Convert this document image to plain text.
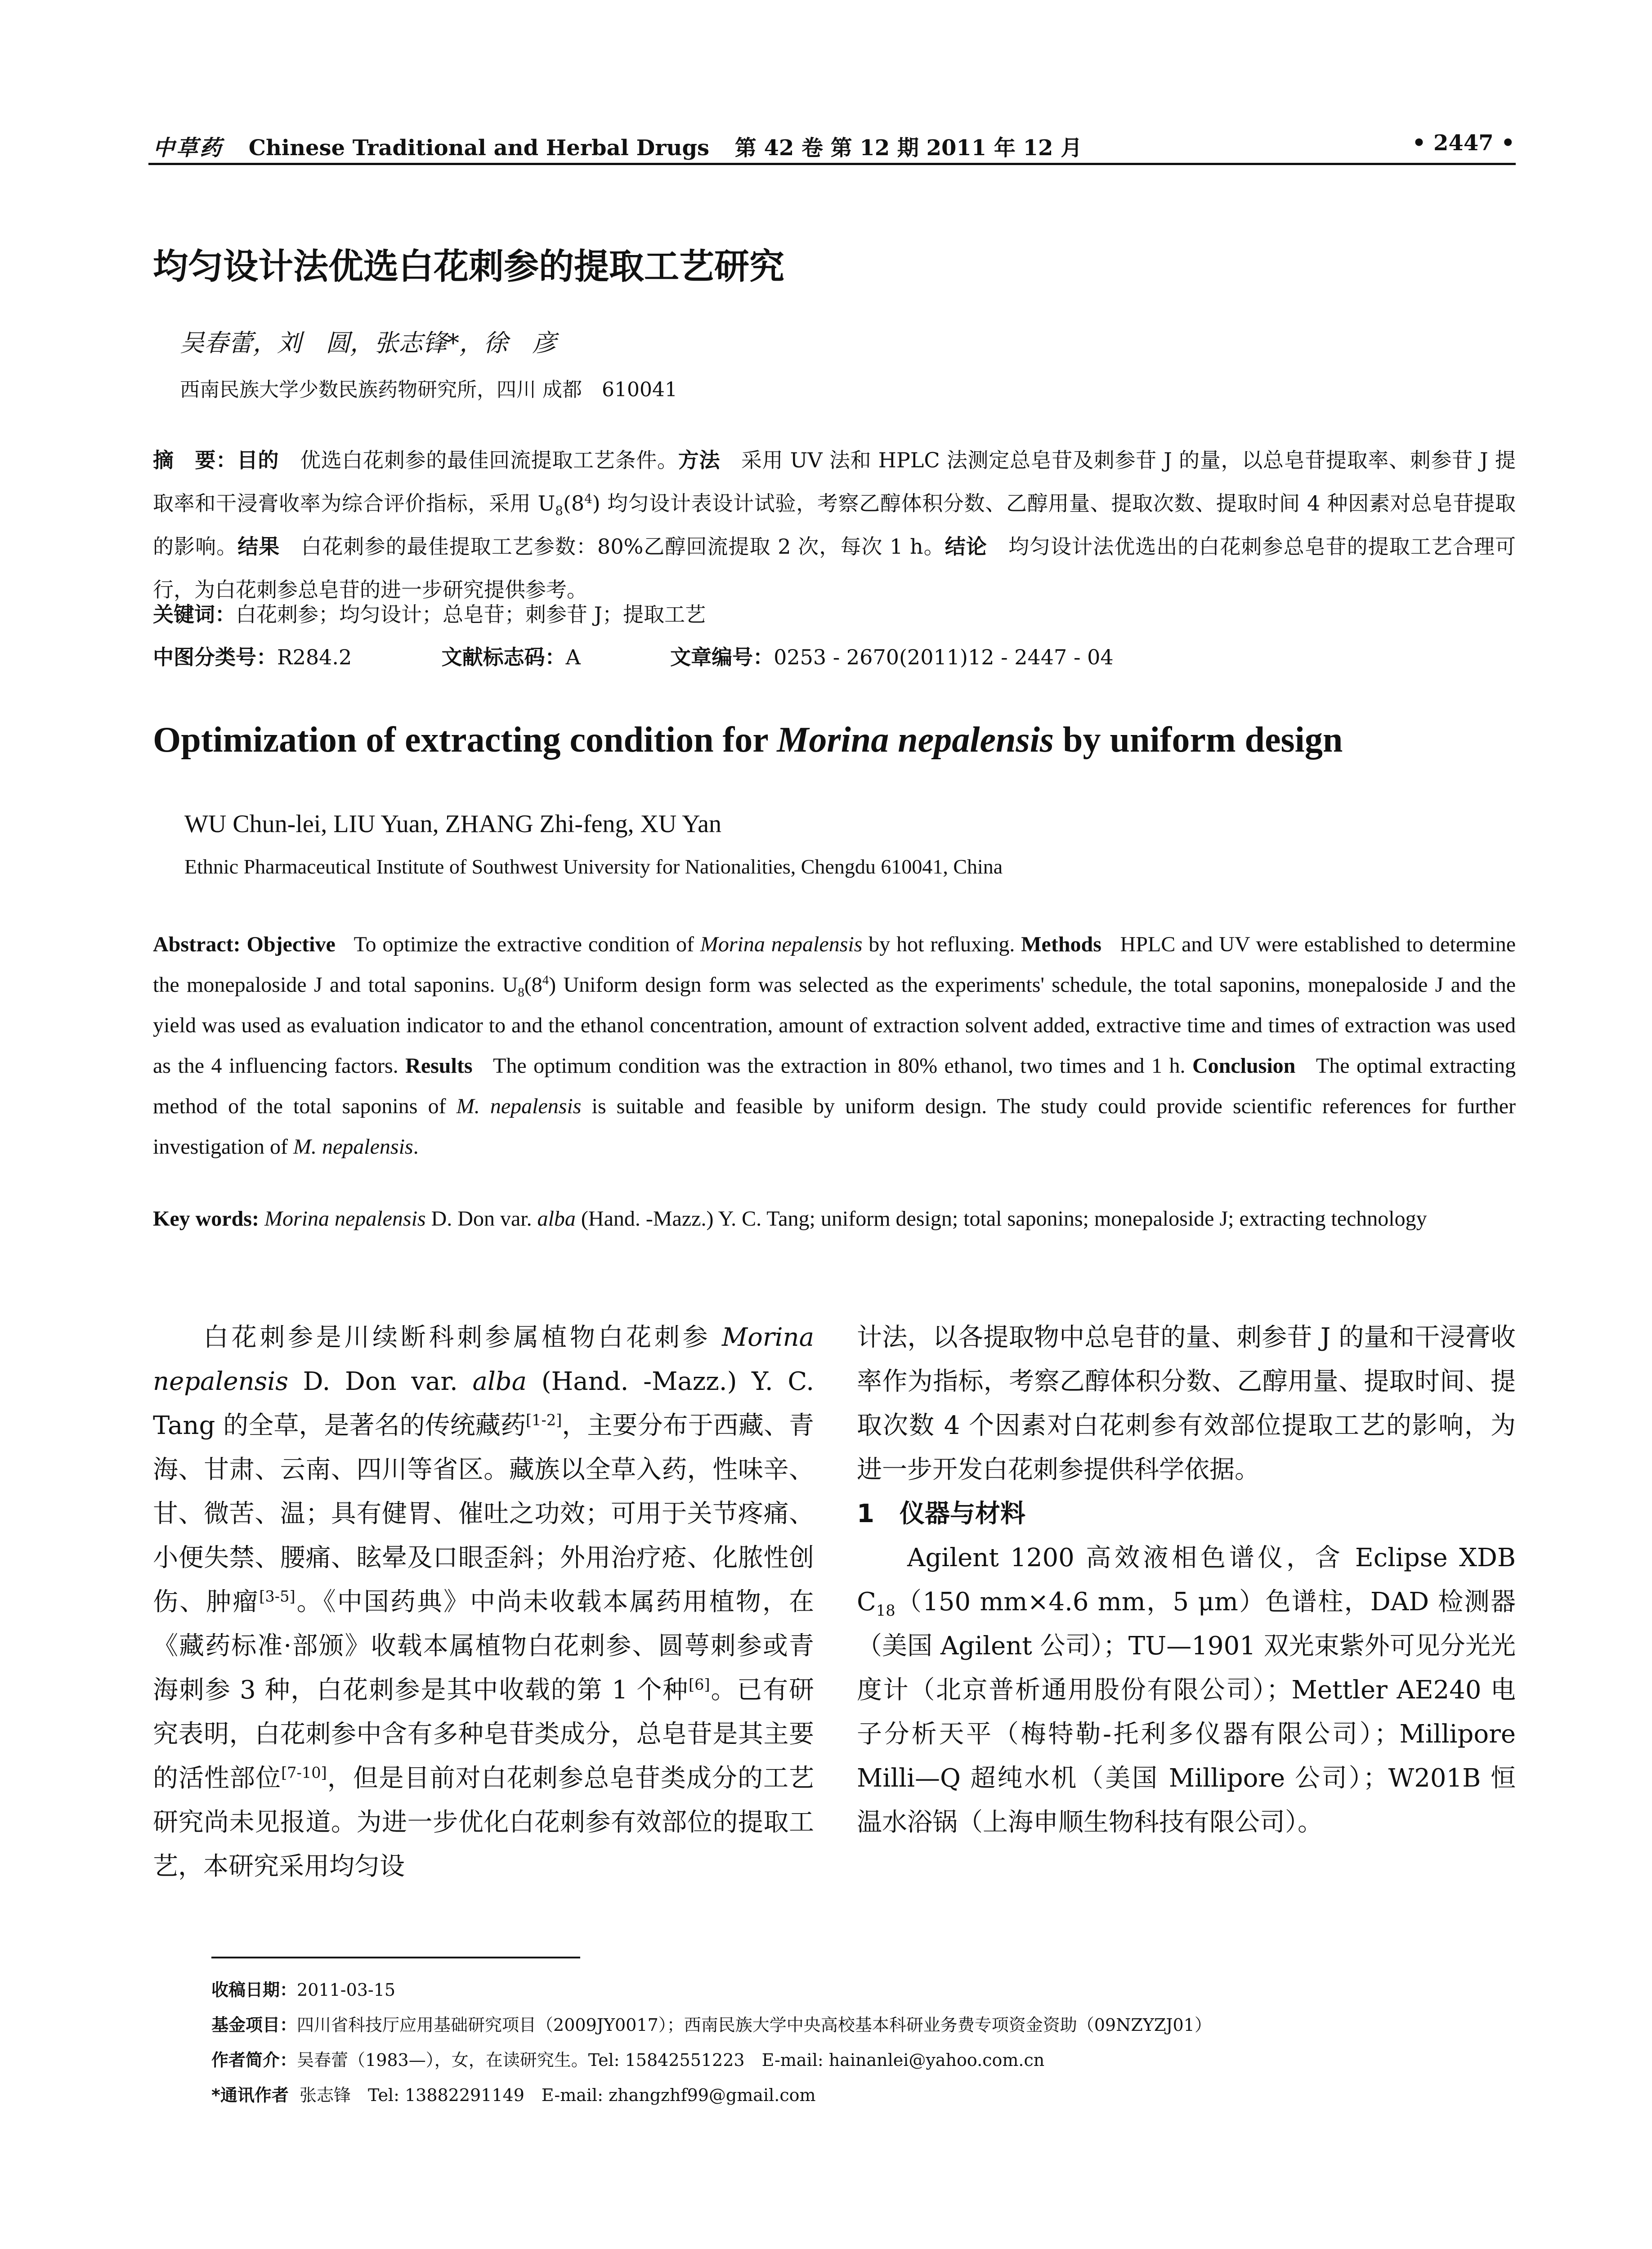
中草药 Chinese Traditional and Herbal Drugs 第 42 卷 第 12 期 2011 年 12 月	• 2447 •
均匀设计法优选白花刺参的提取工艺研究
吴春蕾，刘　圆，张志锋*，徐　彦
西南民族大学少数民族药物研究所，四川 成都　610041
摘　要：目的　 优选白花刺参的最佳回流提取工艺条件。方法　 采用 UV 法和 HPLC 法测定总皂苷及刺参苷 J 的量，以总皂苷提取率、刺参苷 J 提取率和干浸膏收率为综合评价指标，采用 $U_8(8^4)$ 均匀设计表设计试验，考察乙醇体积分数、乙醇用量、提取次数、提取时间 4 种因素对总皂苷提取的影响。结果　 白花刺参的最佳提取工艺参数：80%乙醇回流提取 2 次，每次 1 h。结论　 均匀设计法优选出的白花刺参总皂苷的提取工艺合理可行，为白花刺参总皂苷的进一步研究提供参考。
关键词：白花刺参；均匀设计；总皂苷；刺参苷 J；提取工艺
中图分类号：R284.2	文献标志码：A	文章编号：0253 - 2670(2011)12 - 2447 - 04
Optimization of extracting condition for Morina nepalensis by uniform design
WU Chun-lei, LIU Yuan, ZHANG Zhi-feng, XU Yan
Ethnic Pharmaceutical Institute of Southwest University for Nationalities, Chengdu 610041, China
Abstract: Objective To optimize the extractive condition of Morina nepalensis by hot refluxing. Methods HPLC and UV were established to determine the monepaloside J and total saponins. $U_8(8^4)$ Uniform design form was selected as the experiments' schedule, the total saponins, monepaloside J and the yield was used as evaluation indicator to and the ethanol concentration, amount of extraction solvent added, extractive time and times of extraction was used as the 4 influencing factors. Results The optimum condition was the extraction in 80% ethanol, two times and 1 h. Conclusion The optimal extracting method of the total saponins of M. nepalensis is suitable and feasible by uniform design. The study could provide scientific references for further investigation of M. nepalensis.
Key words: Morina nepalensis D. Don var. alba (Hand. -Mazz.) Y. C. Tang; uniform design; total saponins; monepaloside J; extracting technology

白花刺参是川续断科刺参属植物白花刺参 Morina nepalensis D. Don var. alba (Hand. -Mazz.) Y. C. Tang 的全草，是著名的传统藏药[1-2]，主要分布于西藏、青海、甘肃、云南、四川等省区。藏族以全草入药，性味辛、甘、微苦、温；具有健胃、催吐之功效；可用于关节疼痛、小便失禁、腰痛、眩晕及口眼歪斜；外用治疗疮、化脓性创伤、肿瘤[3-5]。《中国药典》中尚未收载本属药用植物，在《藏药标准·部颁》收载本属植物白花刺参、圆萼刺参或青海刺参 3 种，白花刺参是其中收载的第 1 个种[6]。已有研究表明，白花刺参中含有多种皂苷类成分，总皂苷是其主要的活性部位[7-10]，但是目前对白花刺参总皂苷类成分的工艺研究尚未见报道。为进一步优化白花刺参有效部位的提取工艺，本研究采用均匀设

计法，以各提取物中总皂苷的量、刺参苷 J 的量和干浸膏收率作为指标，考察乙醇体积分数、乙醇用量、提取时间、提取次数 4 个因素对白花刺参有效部位提取工艺的影响，为进一步开发白花刺参提供科学依据。

1　仪器与材料

Agilent 1200 高效液相色谱仪，含 Eclipse XDB $C_{18}(150$ mm×4.6 mm，5 μm）色谱柱，DAD 检测器（美国 Agilent 公司）；TU—1901 双光束紫外可见分光光度计（北京普析通用股份有限公司）；Mettler AE240 电子分析天平（梅特勒-托利多仪器有限公司）；Millipore Milli—Q 超纯水机（美国 Millipore 公司）；W201B 恒温水浴锅（上海申顺生物科技有限公司）。

收稿日期：2011-03-15
基金项目：四川省科技厅应用基础研究项目（2009JY0017）；西南民族大学中央高校基本科研业务费专项资金资助（09NZYZJ01）
作者简介：吴春蕾（1983—），女，在读研究生。Tel: 15842551223　E-mail: hainanlei@yahoo.com.cn
*通讯作者 张志锋　Tel: 13882291149　E-mail: zhangzhf99@gmail.com
